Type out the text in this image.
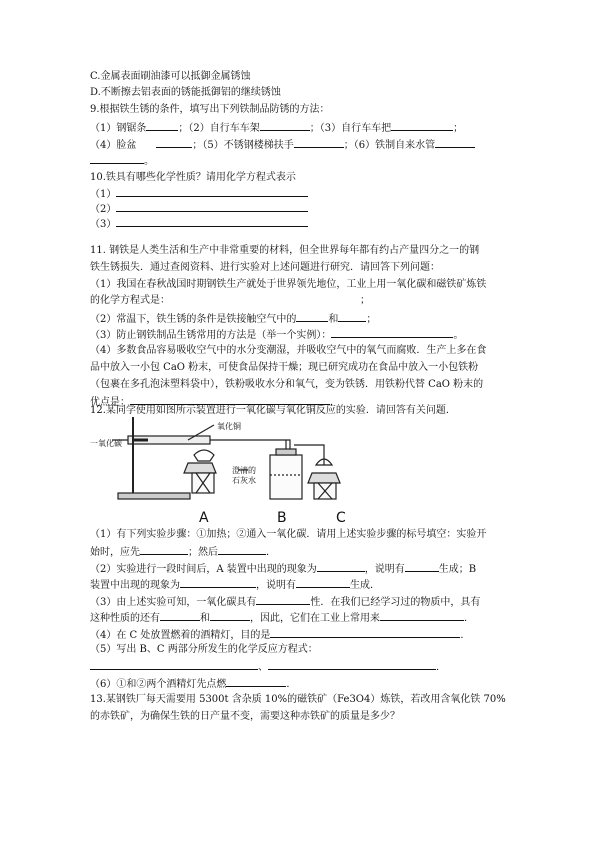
C.金属表面刷油漆可以抵御金属锈蚀
D.不断擦去铝表面的锈能抵御铝的继续锈蚀
9.根据铁生锈的条件，填写出下列铁制品防锈的方法：
（1）钢锯条	；（2）自行车车架	；（3）自行车车把	；
（4）脸盆	；（5）不锈钢楼梯扶手	；（6）铁制自来水管
。
10.铁具有哪些化学性质？请用化学方程式表示
（1）
（2）
（3）
11. 钢铁是人类生活和生产中非常重要的材料，但全世界每年都有约占产量四分之一的钢
铁生锈损失．通过查阅资料、进行实验对上述问题进行研究．请回答下列问题：
（1）我国在春秋战国时期钢铁生产就处于世界领先地位，工业上用一氧化碳和磁铁矿炼铁
的化学方程式是：	；
（2）常温下，铁生锈的条件是铁接触空气中的	和	；
（3）防止钢铁制品生锈常用的方法是（举一个实例）：	。
（4）多数食品容易吸收空气中的水分变潮湿，并吸收空气中的氧气而腐败．生产上多在食
品中放入一小包 CaO 粉末，可使食品保持干燥；现已研究成功在食品中放入一小包铁粉
（包裹在多孔泡沫塑料袋中），铁粉吸收水分和氧气，变为铁锈．用铁粉代替 CaO 粉末的
优点是：	．
12.某同学使用如图所示装置进行一氧化碳与氧化铜反应的实验．请回答有关问题．
一氧化碳
氧化铜
澄清的
石灰水
A	B	C
（1）有下列实验步骤：①加热；②通入一氧化碳．请用上述实验步骤的标号填空：实验开
始时，应先	；然后	．
（2）实验进行一段时间后，A 装置中出现的现象为	，说明有	生成；B
装置中出现的现象为	，说明有	生成．
（3）由上述实验可知，一氧化碳具有	性．在我们已经学习过的物质中，具有
这种性质的还有	和	，因此，它们在工业上常用来	．
（4）在 C 处放置燃着的酒精灯，目的是	．
（5）写出 B、C 两部分所发生的化学反应方程式：
、	．
（6）①和②两个酒精灯先点燃	．
13.某钢铁厂每天需要用 5300t 含杂质 10%的磁铁矿（Fe3O4）炼铁，若改用含氧化铁 70%
的赤铁矿，为确保生铁的日产量不变，需要这种赤铁矿的质量是多少？
